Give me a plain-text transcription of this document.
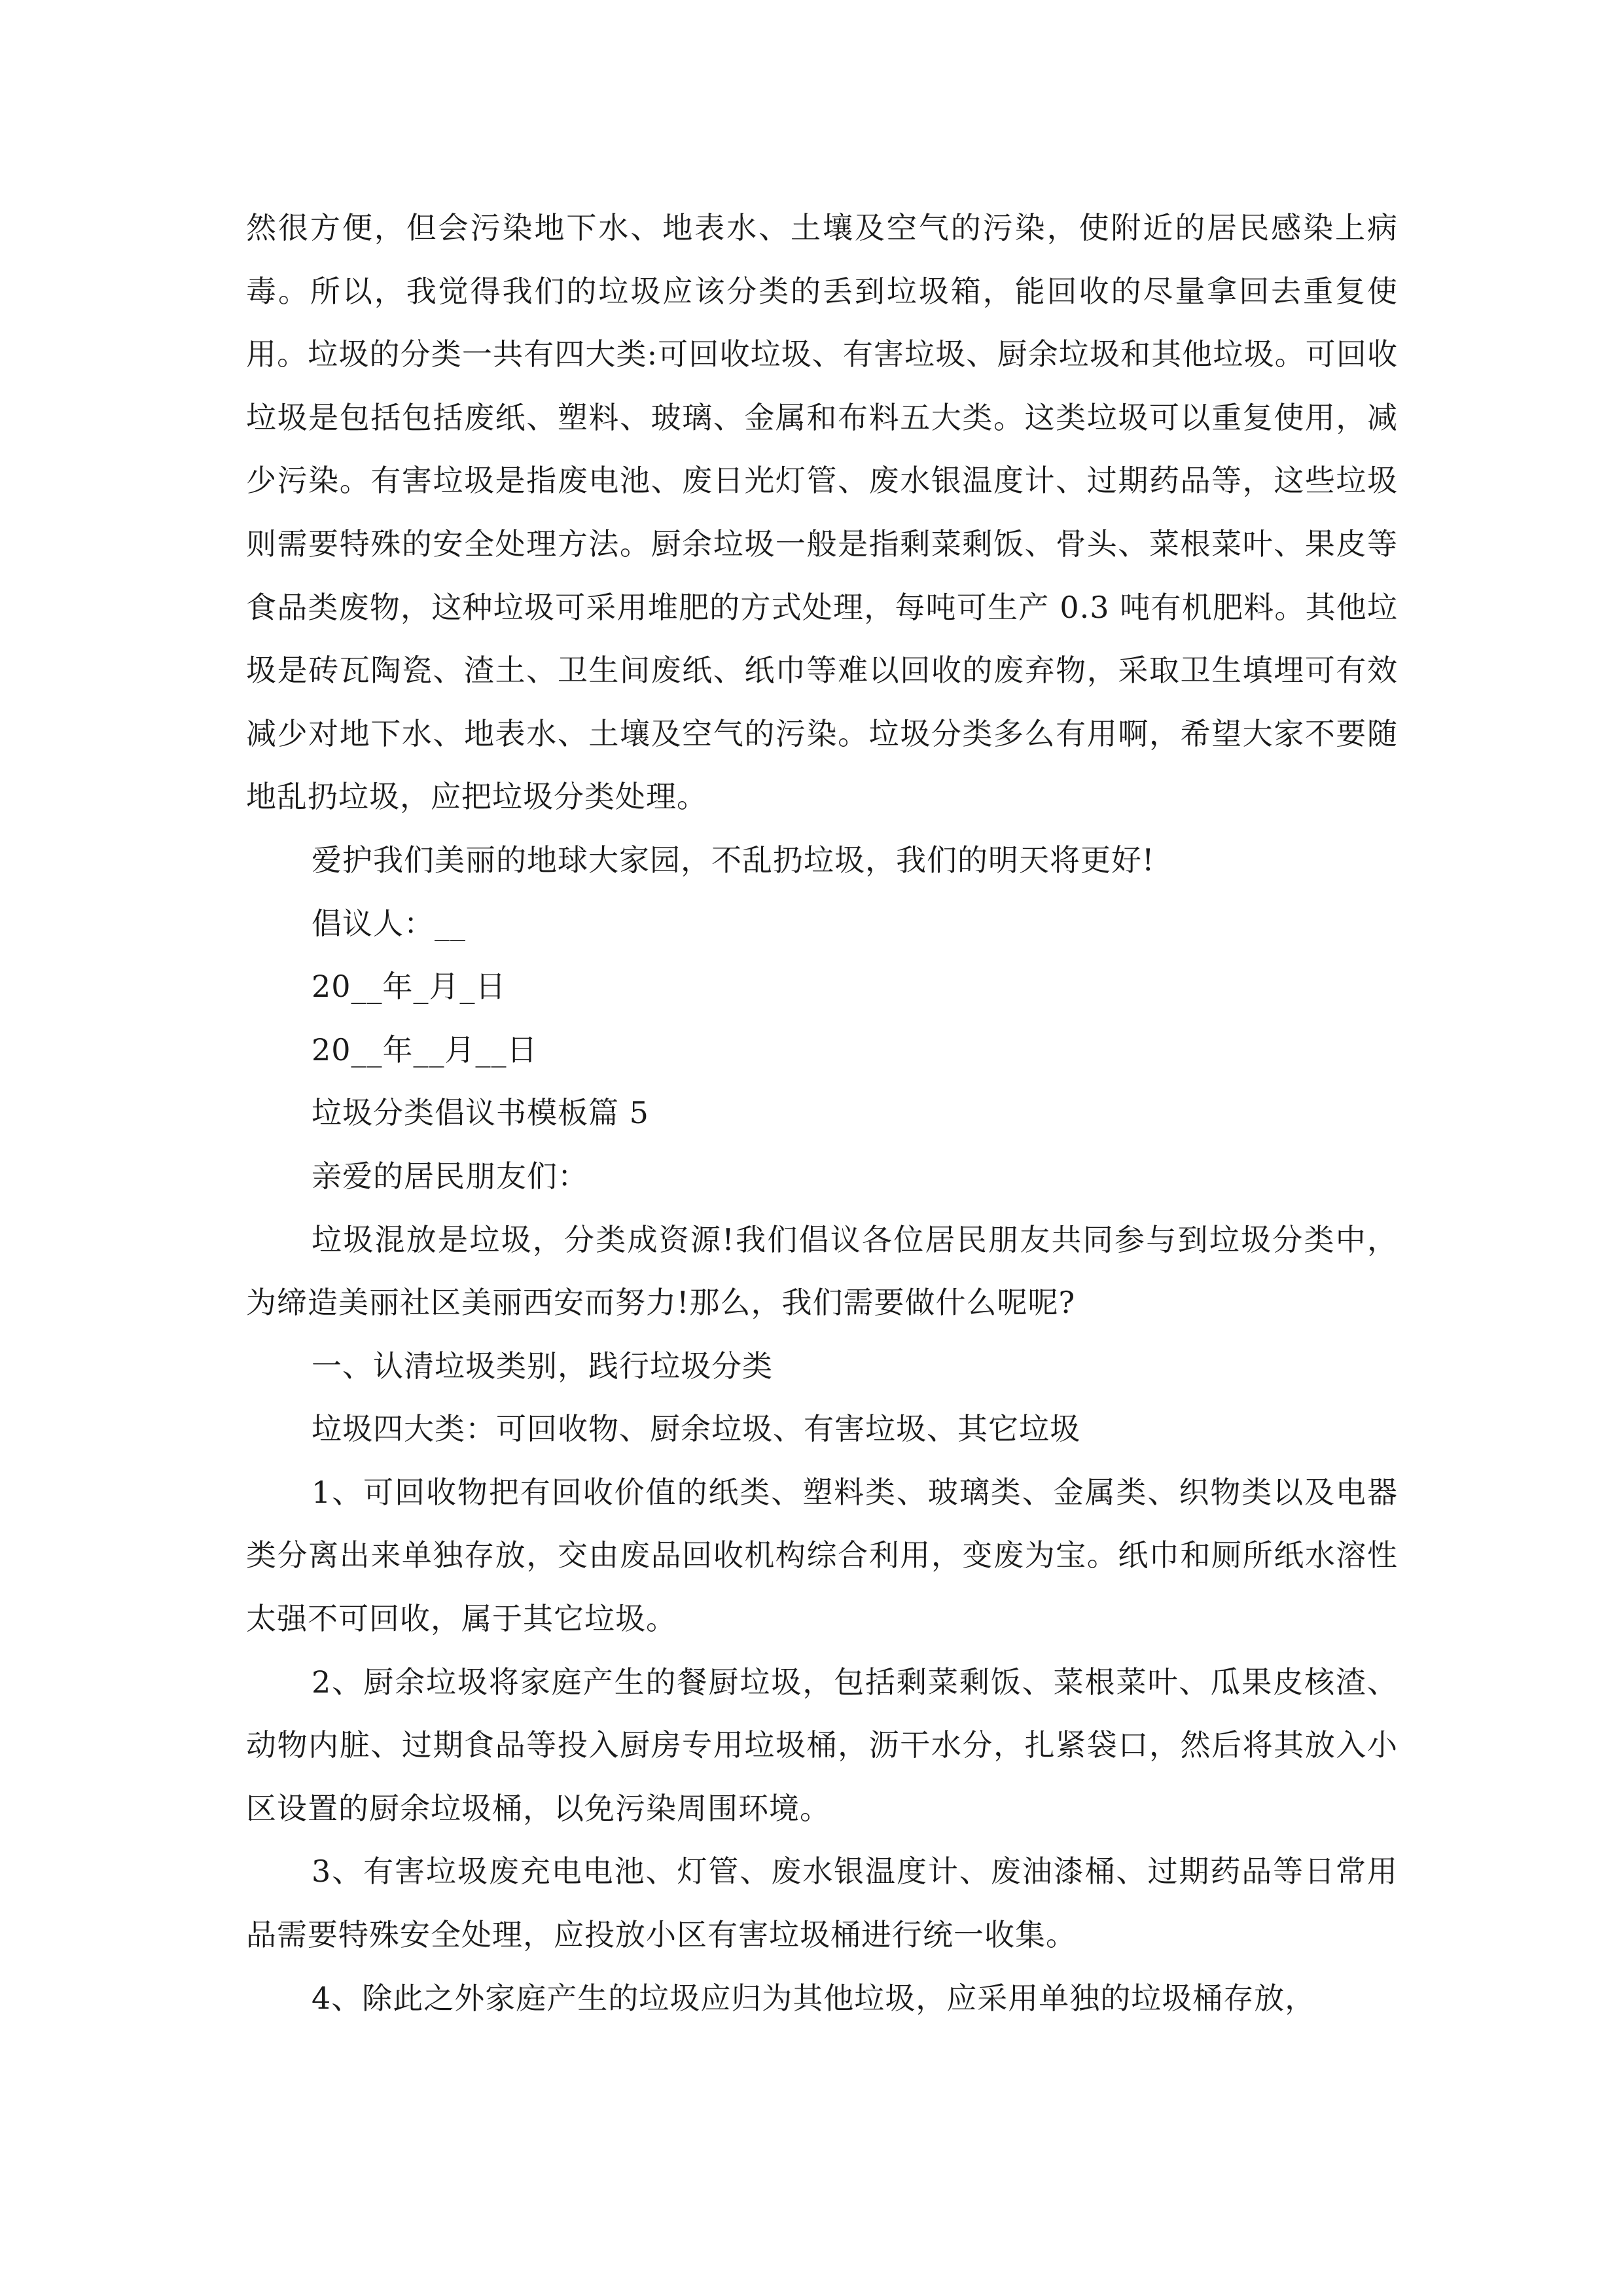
然很方便，但会污染地下水、地表水、土壤及空气的污染，使附近的居民感染上病毒。所以，我觉得我们的垃圾应该分类的丢到垃圾箱，能回收的尽量拿回去重复使用。垃圾的分类一共有四大类:可回收垃圾、有害垃圾、厨余垃圾和其他垃圾。可回收垃圾是包括包括废纸、塑料、玻璃、金属和布料五大类。这类垃圾可以重复使用，减少污染。有害垃圾是指废电池、废日光灯管、废水银温度计、过期药品等，这些垃圾则需要特殊的安全处理方法。厨余垃圾一般是指剩菜剩饭、骨头、菜根菜叶、果皮等食品类废物，这种垃圾可采用堆肥的方式处理，每吨可生产 0.3 吨有机肥料。其他垃圾是砖瓦陶瓷、渣土、卫生间废纸、纸巾等难以回收的废弃物，采取卫生填埋可有效减少对地下水、地表水、土壤及空气的污染。垃圾分类多么有用啊，希望大家不要随地乱扔垃圾，应把垃圾分类处理。

爱护我们美丽的地球大家园，不乱扔垃圾，我们的明天将更好!

倡议人：__

20__年_月_日

20__年__月__日

垃圾分类倡议书模板篇 5

亲爱的居民朋友们：

垃圾混放是垃圾，分类成资源!我们倡议各位居民朋友共同参与到垃圾分类中，为缔造美丽社区美丽西安而努力!那么，我们需要做什么呢呢?

一、认清垃圾类别，践行垃圾分类

垃圾四大类：可回收物、厨余垃圾、有害垃圾、其它垃圾

1、可回收物把有回收价值的纸类、塑料类、玻璃类、金属类、织物类以及电器类分离出来单独存放，交由废品回收机构综合利用，变废为宝。纸巾和厕所纸水溶性太强不可回收，属于其它垃圾。

2、厨余垃圾将家庭产生的餐厨垃圾，包括剩菜剩饭、菜根菜叶、瓜果皮核渣、动物内脏、过期食品等投入厨房专用垃圾桶，沥干水分，扎紧袋口，然后将其放入小区设置的厨余垃圾桶，以免污染周围环境。

3、有害垃圾废充电电池、灯管、废水银温度计、废油漆桶、过期药品等日常用品需要特殊安全处理，应投放小区有害垃圾桶进行统一收集。

4、除此之外家庭产生的垃圾应归为其他垃圾，应采用单独的垃圾桶存放，
